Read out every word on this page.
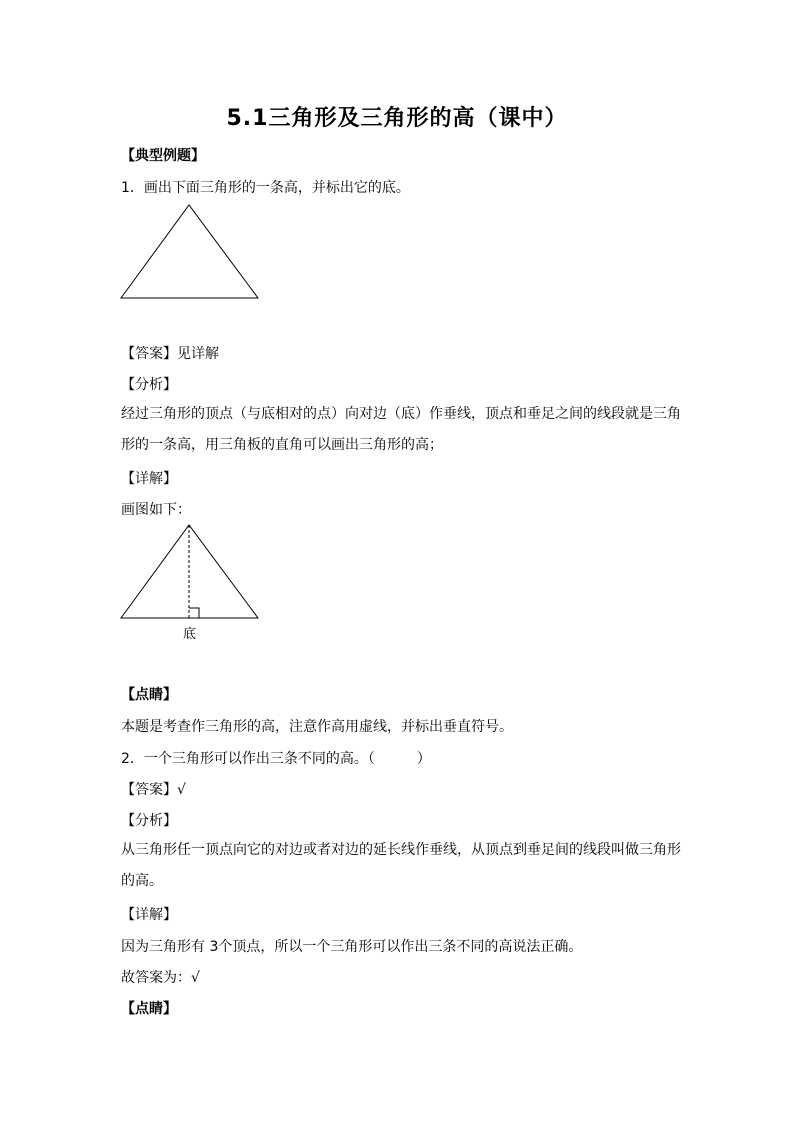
5.1三角形及三角形的高（课中）
【典型例题】
1．画出下面三角形的一条高，并标出它的底。
【答案】见详解
【分析】
经过三角形的顶点（与底相对的点）向对边（底）作垂线，顶点和垂足之间的线段就是三角形的一条高，用三角板的直角可以画出三角形的高；
【详解】
画图如下：
底
【点睛】
本题是考查作三角形的高，注意作高用虚线，并标出垂直符号。
2．一个三角形可以作出三条不同的高。（　　　）
【答案】√
【分析】
从三角形任一顶点向它的对边或者对边的延长线作垂线，从顶点到垂足间的线段叫做三角形的高。
【详解】
因为三角形有 3个顶点，所以一个三角形可以作出三条不同的高说法正确。
故答案为：√
【点睛】
